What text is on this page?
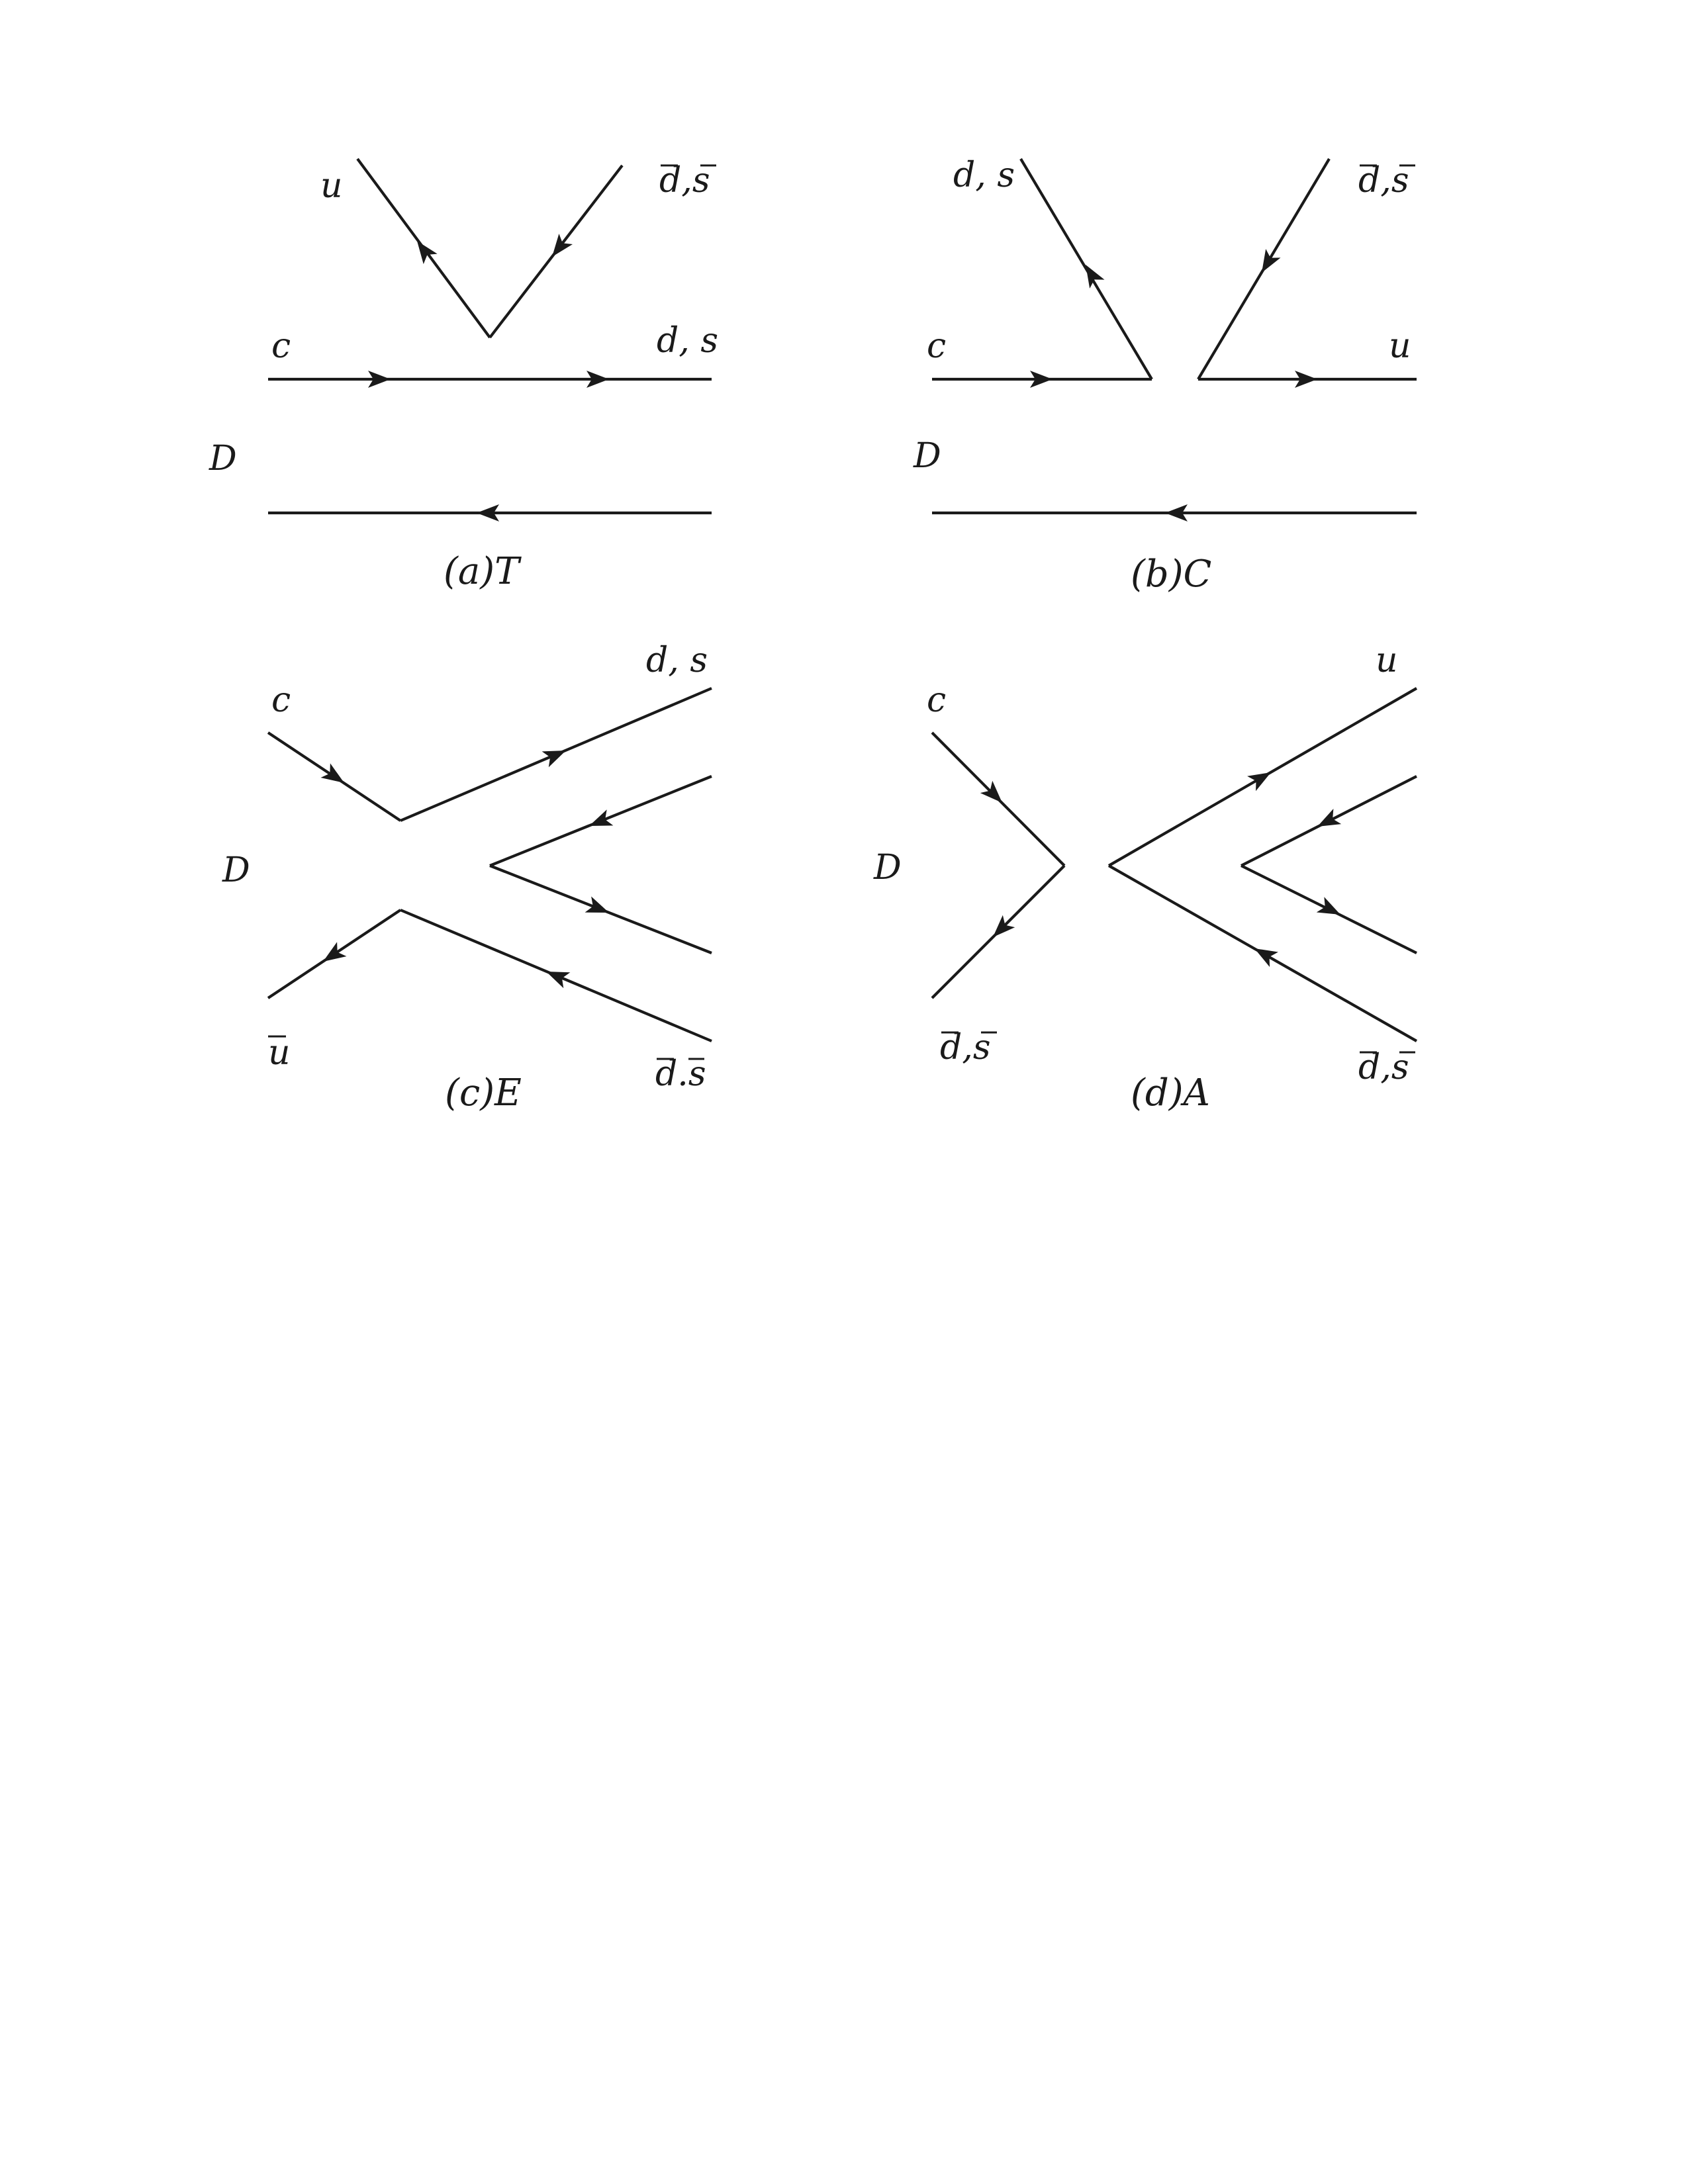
u	d,s
c	d, s
D
(a)T
d, s	d,s
c	u
D
(b)C
d, s
c
D
u
d.s
(c)E
u
c
D
d,s	d,s
(d)A
